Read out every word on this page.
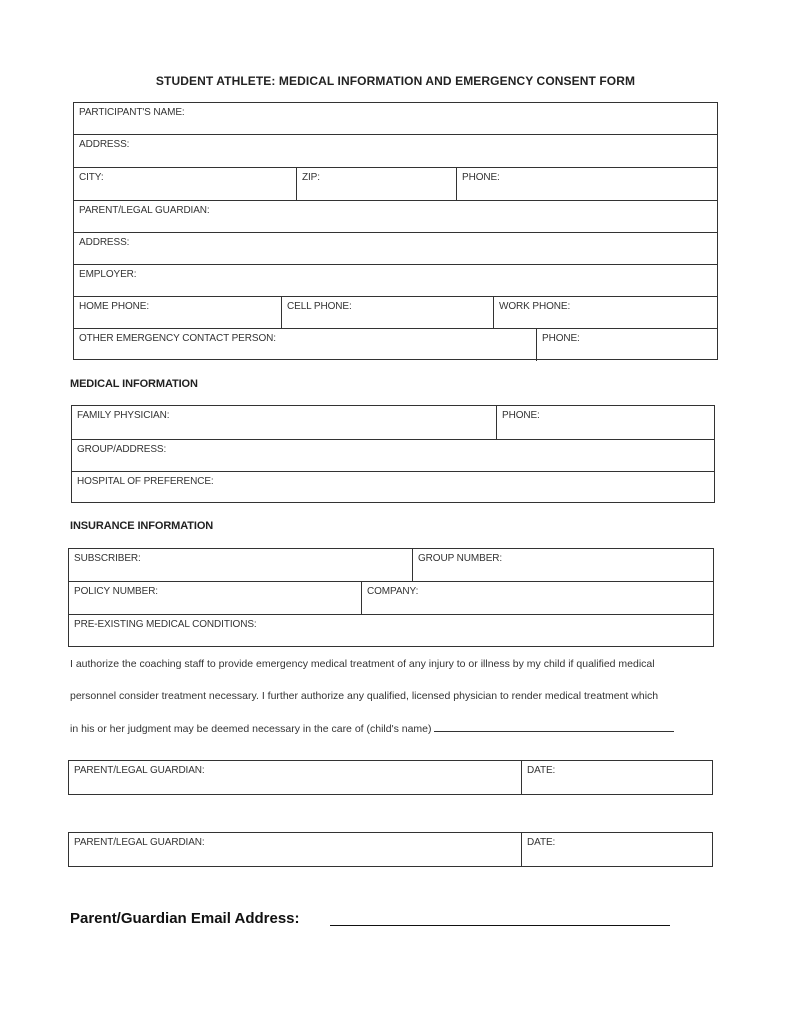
STUDENT ATHLETE: MEDICAL INFORMATION AND EMERGENCY CONSENT FORM
PARTICIPANT'S NAME:
ADDRESS:
CITY:	ZIP:	PHONE:
PARENT/LEGAL GUARDIAN:
ADDRESS:
EMPLOYER:
HOME PHONE:	CELL PHONE:	WORK PHONE:
OTHER EMERGENCY CONTACT PERSON:	PHONE:
MEDICAL INFORMATION
FAMILY PHYSICIAN:	PHONE:
GROUP/ADDRESS:
HOSPITAL OF PREFERENCE:
INSURANCE INFORMATION
SUBSCRIBER:	GROUP NUMBER:
POLICY NUMBER:	COMPANY:
PRE-EXISTING MEDICAL CONDITIONS:
I authorize the coaching staff to provide emergency medical treatment of any injury to or illness by my child if qualified medical
personnel consider treatment necessary. I further authorize any qualified, licensed physician to render medical treatment which
in his or her judgment may be deemed necessary in the care of (child's name)
PARENT/LEGAL GUARDIAN:	DATE:
PARENT/LEGAL GUARDIAN:	DATE:
Parent/Guardian Email Address:
